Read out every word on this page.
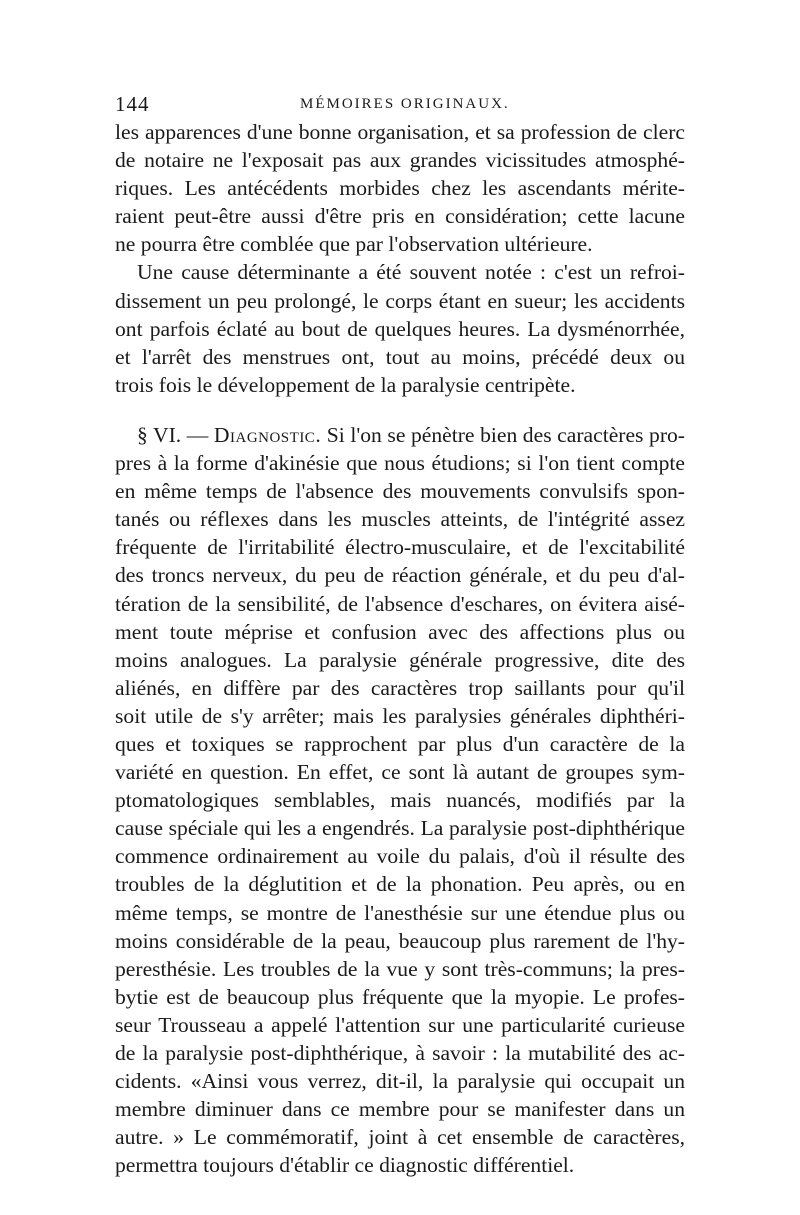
144	MÉMOIRES ORIGINAUX.
les apparences d'une bonne organisation, et sa profession de clerc
de notaire ne l'exposait pas aux grandes vicissitudes atmosphé-
riques. Les antécédents morbides chez les ascendants mérite-
raient peut-être aussi d'être pris en considération; cette lacune
ne pourra être comblée que par l'observation ultérieure.
Une cause déterminante a été souvent notée : c'est un refroi-
dissement un peu prolongé, le corps étant en sueur; les accidents
ont parfois éclaté au bout de quelques heures. La dysménorrhée,
et l'arrêt des menstrues ont, tout au moins, précédé deux ou
trois fois le développement de la paralysie centripète.
§ VI. — Diagnostic. Si l'on se pénètre bien des caractères pro-
pres à la forme d'akinésie que nous étudions; si l'on tient compte
en même temps de l'absence des mouvements convulsifs spon-
tanés ou réflexes dans les muscles atteints, de l'intégrité assez
fréquente de l'irritabilité électro-musculaire, et de l'excitabilité
des troncs nerveux, du peu de réaction générale, et du peu d'al-
tération de la sensibilité, de l'absence d'eschares, on évitera aisé-
ment toute méprise et confusion avec des affections plus ou
moins analogues. La paralysie générale progressive, dite des
aliénés, en diffère par des caractères trop saillants pour qu'il
soit utile de s'y arrêter; mais les paralysies générales diphthéri-
ques et toxiques se rapprochent par plus d'un caractère de la
variété en question. En effet, ce sont là autant de groupes sym-
ptomatologiques semblables, mais nuancés, modifiés par la
cause spéciale qui les a engendrés. La paralysie post-diphthérique
commence ordinairement au voile du palais, d'où il résulte des
troubles de la déglutition et de la phonation. Peu après, ou en
même temps, se montre de l'anesthésie sur une étendue plus ou
moins considérable de la peau, beaucoup plus rarement de l'hy-
peresthésie. Les troubles de la vue y sont très-communs; la pres-
bytie est de beaucoup plus fréquente que la myopie. Le profes-
seur Trousseau a appelé l'attention sur une particularité curieuse
de la paralysie post-diphthérique, à savoir : la mutabilité des ac-
cidents. «Ainsi vous verrez, dit-il, la paralysie qui occupait un
membre diminuer dans ce membre pour se manifester dans un
autre. » Le commémoratif, joint à cet ensemble de caractères,
permettra toujours d'établir ce diagnostic différentiel.
